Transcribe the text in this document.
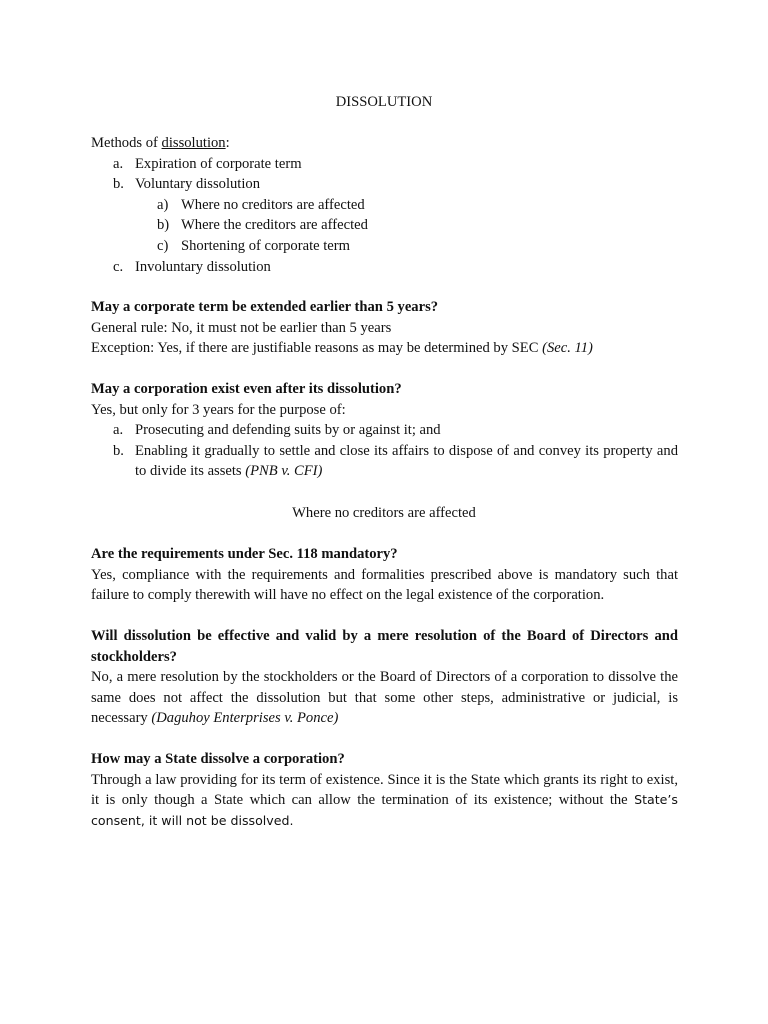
DISSOLUTION
Methods of dissolution:
a. Expiration of corporate term
b. Voluntary dissolution
a) Where no creditors are affected
b) Where the creditors are affected
c) Shortening of corporate term
c. Involuntary dissolution
May a corporate term be extended earlier than 5 years?
General rule: No, it must not be earlier than 5 years
Exception: Yes, if there are justifiable reasons as may be determined by SEC (Sec. 11)
May a corporation exist even after its dissolution?
Yes, but only for 3 years for the purpose of:
a. Prosecuting and defending suits by or against it; and
b. Enabling it gradually to settle and close its affairs to dispose of and convey its property and to divide its assets (PNB v. CFI)
Where no creditors are affected
Are the requirements under Sec. 118 mandatory?
Yes, compliance with the requirements and formalities prescribed above is mandatory such that failure to comply therewith will have no effect on the legal existence of the corporation.
Will dissolution be effective and valid by a mere resolution of the Board of Directors and stockholders?
No, a mere resolution by the stockholders or the Board of Directors of a corporation to dissolve the same does not affect the dissolution but that some other steps, administrative or judicial, is necessary (Daguhoy Enterprises v. Ponce)
How may a State dissolve a corporation?
Through a law providing for its term of existence. Since it is the State which grants its right to exist, it is only though a State which can allow the termination of its existence; without the State’s consent, it will not be dissolved.
